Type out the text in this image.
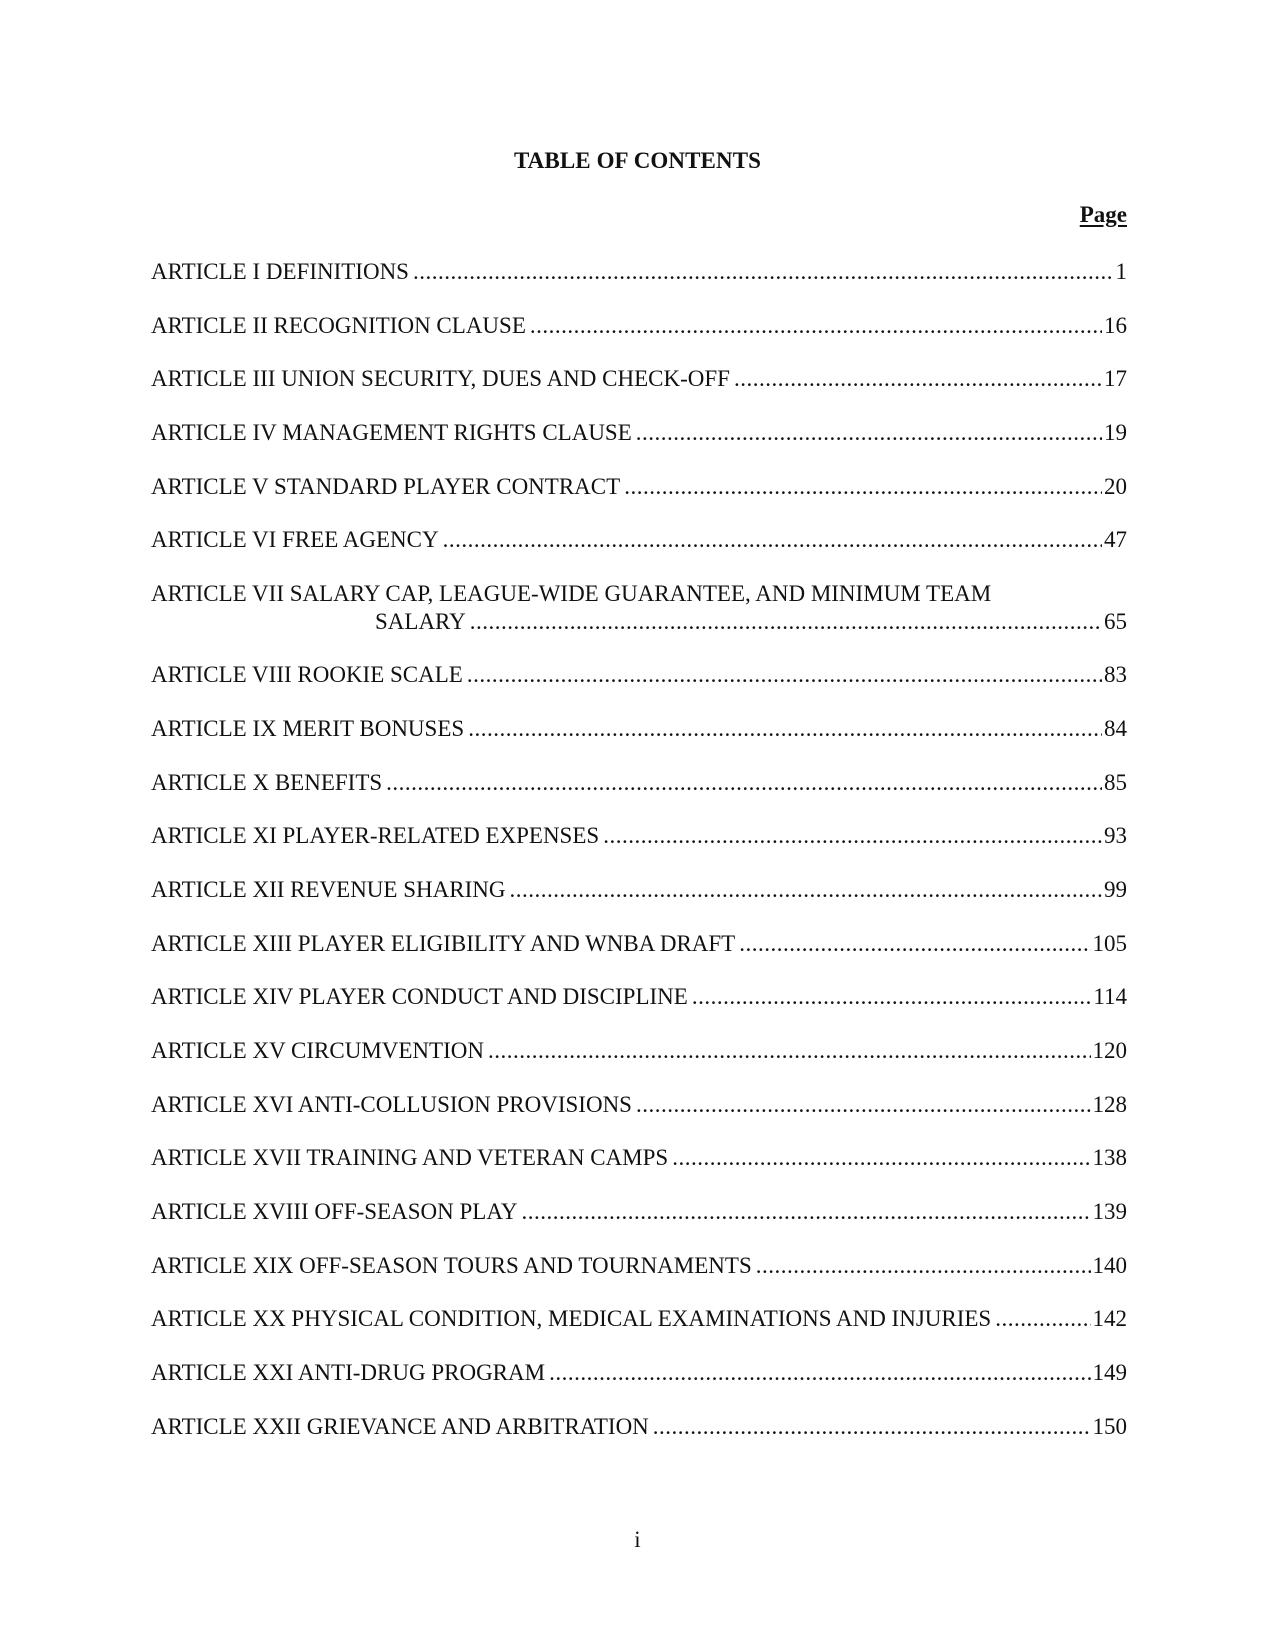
TABLE OF CONTENTS
Page
ARTICLE I DEFINITIONS .....	1
ARTICLE II RECOGNITION CLAUSE .....	16
ARTICLE III UNION SECURITY, DUES AND CHECK-OFF .....	17
ARTICLE IV MANAGEMENT RIGHTS CLAUSE .....	19
ARTICLE V STANDARD PLAYER CONTRACT .....	20
ARTICLE VI FREE AGENCY .....	47
ARTICLE VII SALARY CAP, LEAGUE-WIDE GUARANTEE, AND MINIMUM TEAM
SALARY .....	65
ARTICLE VIII ROOKIE SCALE .....	83
ARTICLE IX MERIT BONUSES .....	84
ARTICLE X BENEFITS .....	85
ARTICLE XI PLAYER-RELATED EXPENSES .....	93
ARTICLE XII REVENUE SHARING .....	99
ARTICLE XIII PLAYER ELIGIBILITY AND WNBA DRAFT .....	105
ARTICLE XIV PLAYER CONDUCT AND DISCIPLINE .....	114
ARTICLE XV CIRCUMVENTION .....	120
ARTICLE XVI ANTI-COLLUSION PROVISIONS .....	128
ARTICLE XVII TRAINING AND VETERAN CAMPS .....	138
ARTICLE XVIII OFF-SEASON PLAY .....	139
ARTICLE XIX OFF-SEASON TOURS AND TOURNAMENTS .....	140
ARTICLE XX PHYSICAL CONDITION, MEDICAL EXAMINATIONS AND INJURIES .....	142
ARTICLE XXI ANTI-DRUG PROGRAM .....	149
ARTICLE XXII GRIEVANCE AND ARBITRATION .....	150
i
